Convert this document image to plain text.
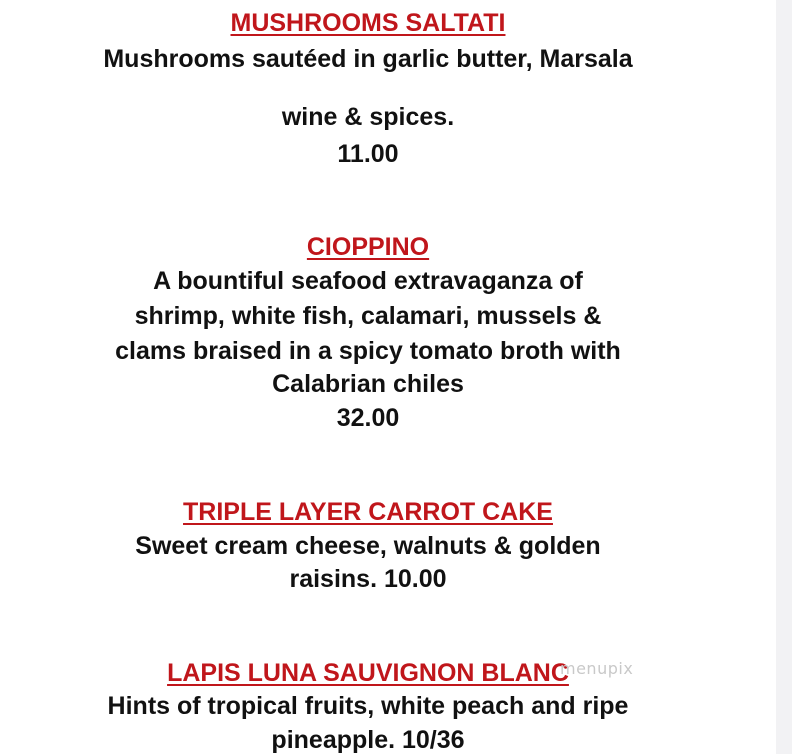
MUSHROOMS SALTATI
Mushrooms sautéed in garlic butter, Marsala
wine & spices.
11.00
CIOPPINO
A bountiful seafood extravaganza of
shrimp, white fish, calamari, mussels &
clams braised in a spicy tomato broth with
Calabrian chiles
32.00
TRIPLE LAYER CARROT CAKE
Sweet cream cheese, walnuts & golden
raisins. 10.00
LAPIS LUNA SAUVIGNON BLANC
Hints of tropical fruits, white peach and ripe
pineapple. 10/36
menupix
